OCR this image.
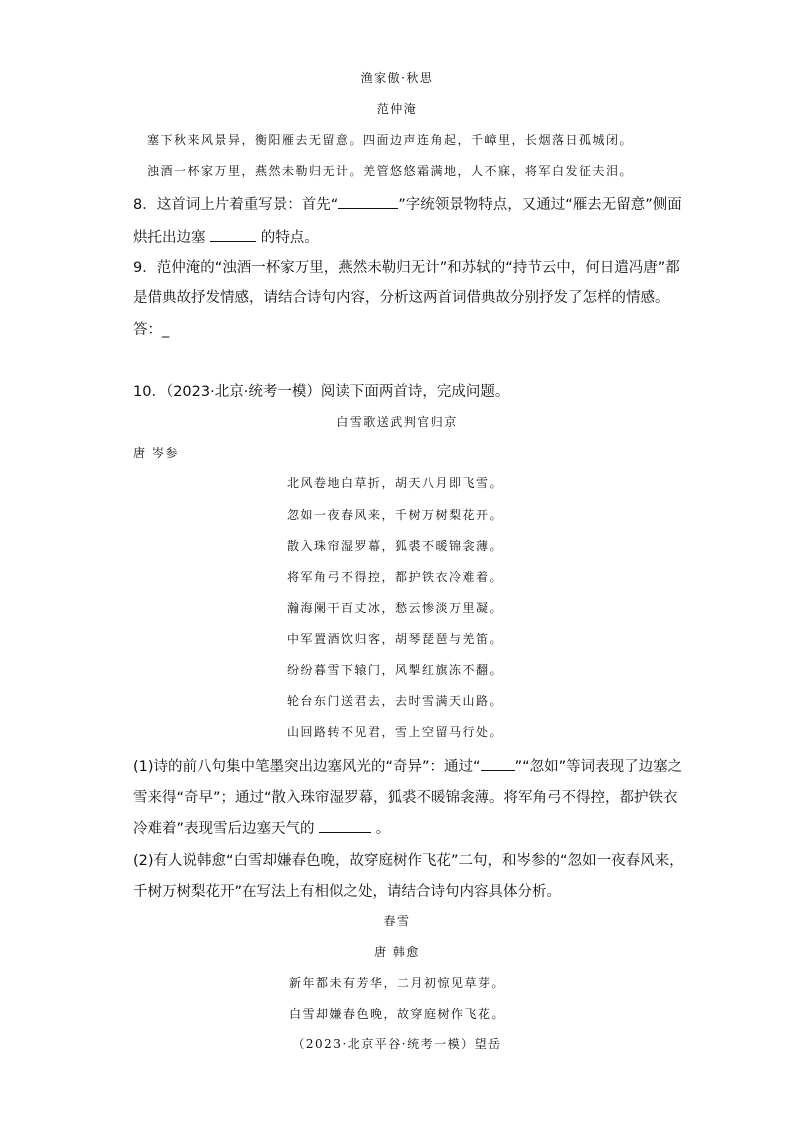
渔家傲·秋思
范仲淹
塞下秋来风景异，衡阳雁去无留意。四面边声连角起，千嶂里，长烟落日孤城闭。
浊酒一杯家万里，燕然未勒归无计。羌管悠悠霜满地，人不寐，将军白发征夫泪。
8．这首词上片着重写景：首先“	”字统领景物特点，又通过“雁去无留意”侧面
烘托出边塞	的特点。
9．范仲淹的“浊酒一杯家万里，燕然未勒归无计”和苏轼的“持节云中，何日遣冯唐”都
是借典故抒发情感，请结合诗句内容，分析这两首词借典故分别抒发了怎样的情感。
答：_
10．（2023·北京·统考一模）阅读下面两首诗，完成问题。
白雪歌送武判官归京
唐 岑参
北风卷地白草折，胡天八月即飞雪。
忽如一夜春风来，千树万树梨花开。
散入珠帘湿罗幕，狐裘不暖锦衾薄。
将军角弓不得控，都护铁衣冷难着。
瀚海阑干百丈冰，愁云惨淡万里凝。
中军置酒饮归客，胡琴琵琶与羌笛。
纷纷暮雪下辕门，风掣红旗冻不翻。
轮台东门送君去，去时雪满天山路。
山回路转不见君，雪上空留马行处。
(1)诗的前八句集中笔墨突出边塞风光的“奇异”：通过“ ”“忽如”等词表现了边塞之
雪来得“奇早”；通过“散入珠帘湿罗幕，狐裘不暖锦衾薄。将军角弓不得控，都护铁衣
冷难着”表现雪后边塞天气的	。
(2)有人说韩愈“白雪却嫌春色晚，故穿庭树作飞花”二句，和岑参的“忽如一夜春风来，
千树万树梨花开”在写法上有相似之处，请结合诗句内容具体分析。
春雪
唐 韩愈
新年都未有芳华，二月初惊见草芽。
白雪却嫌春色晚，故穿庭树作飞花。
（2023·北京平谷·统考一模）望岳
